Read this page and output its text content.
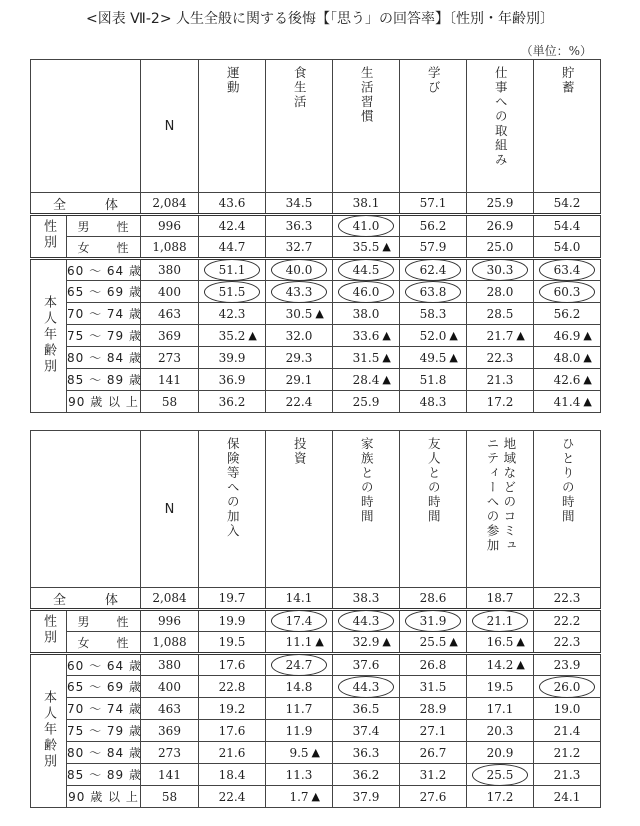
<図表 Ⅶ-2> 人生全般に関する後悔【「思う」の回答率】〔性別・年齢別〕
（単位：%）
		N	運動	食生活	生活習慣	学び	仕事への取組み	貯蓄
全　　　体		2,084	43.6	34.5	38.1	57.1	25.9	54.2
性別	男　　性	996	42.4	36.3	41.0	56.2	26.9	54.4
	女　　性	1,088	44.7	32.7	35.5 ▲	57.9	25.0	54.0
本人年齢別	60 ～ 64 歳	380	51.1	40.0	44.5	62.4	30.3	63.4
	65 ～ 69 歳	400	51.5	43.3	46.0	63.8	28.0	60.3
	70 ～ 74 歳	463	42.3	30.5 ▲	38.0	58.3	28.5	56.2
	75 ～ 79 歳	369	35.2 ▲	32.0	33.6 ▲	52.0 ▲	21.7 ▲	46.9 ▲

	80 ～ 84 歳	273	39.9	29.3	31.5 ▲	49.5 ▲	22.3	48.0 ▲

	85 ～ 89 歳	141	36.9	29.1	28.4 ▲	51.8	21.3	42.6 ▲

	90 歳 以 上	58	36.2	22.4	25.9	48.3	17.2	41.4 ▲
		N	保険等への加入	投資	家族との時間	友人との時間	地域などのコミュ
ニティーへの参加	ひとりの時間
全　　　体		2,084	19.7	14.1	38.3	28.6	18.7	22.3
性別	男　　性	996	19.9	17.4	44.3	31.9	21.1	22.2
	女　　性	1,088	19.5	11.1 ▲	32.9 ▲	25.5 ▲	16.5 ▲	22.3
本人年齢別	60 ～ 64 歳	380	17.6	24.7	37.6	26.8	14.2 ▲	23.9
	65 ～ 69 歳	400	22.8	14.8	44.3	31.5	19.5	26.0
	70 ～ 74 歳	463	19.2	11.7	36.5	28.9	17.1	19.0
	75 ～ 79 歳	369	17.6	11.9	37.4	27.1	20.3	21.4
	80 ～ 84 歳	273	21.6	9.5 ▲	36.3	26.7	20.9	21.2
	85 ～ 89 歳	141	18.4	11.3	36.2	31.2	25.5	21.3
	90 歳 以 上	58	22.4	1.7 ▲	37.9	27.6	17.2	24.1
